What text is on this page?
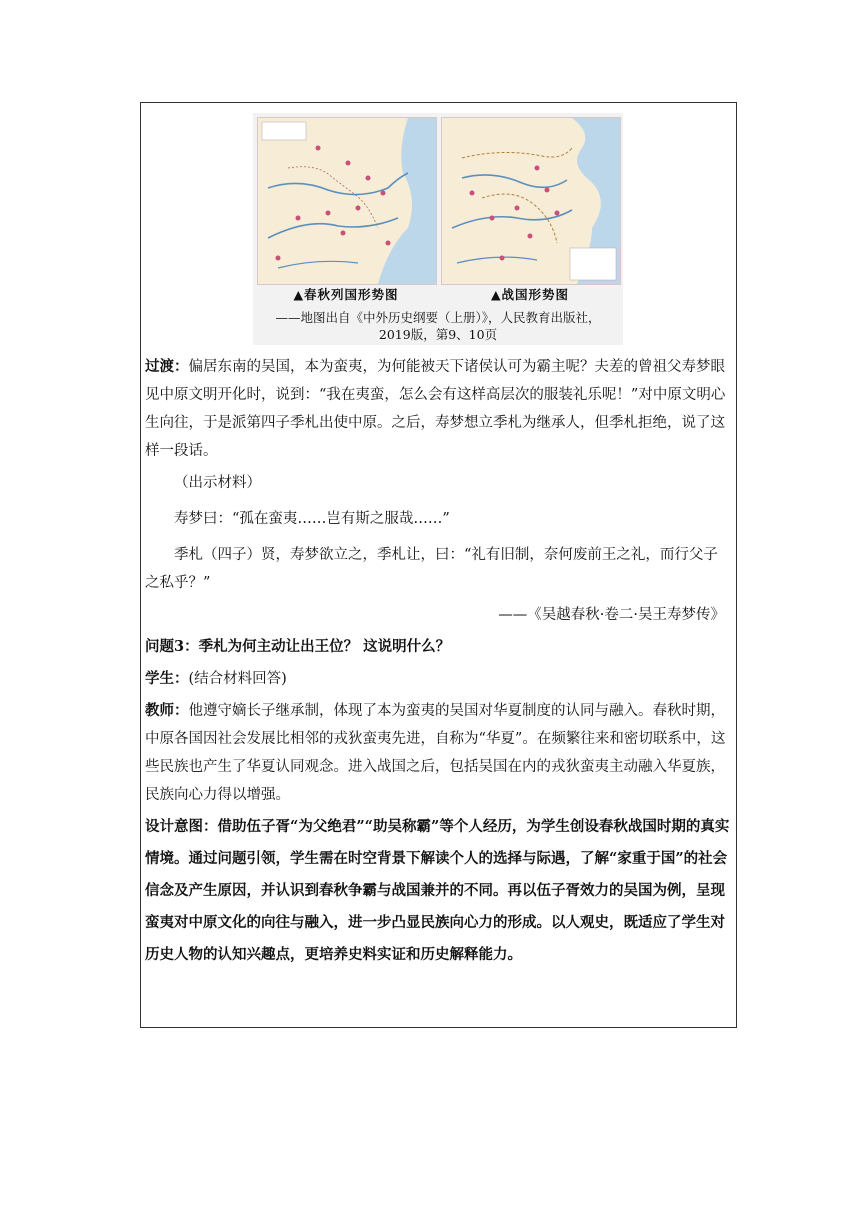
▲春秋列国形势图	▲战国形势图
——地图出自《中外历史纲要（上册）》，人民教育出版社，
2019版，第9、10页

过渡：偏居东南的吴国，本为蛮夷，为何能被天下诸侯认可为霸主呢？夫差的曾祖父寿梦眼见中原文明开化时，说到：“我在夷蛮，怎么会有这样高层次的服装礼乐呢！”对中原文明心生向往，于是派第四子季札出使中原。之后，寿梦想立季札为继承人，但季札拒绝，说了这样一段话。

（出示材料）

寿梦曰：“孤在蛮夷……岂有斯之服哉……”

季札（四子）贤，寿梦欲立之，季札让，曰：“礼有旧制，奈何废前王之礼，而行父子之私乎？”

——《吴越春秋·卷二·吴王寿梦传》

问题3：季札为何主动让出王位？ 这说明什么？

学生：(结合材料回答)

教师：他遵守嫡长子继承制，体现了本为蛮夷的吴国对华夏制度的认同与融入。春秋时期，中原各国因社会发展比相邻的戎狄蛮夷先进，自称为“华夏”。在频繁往来和密切联系中，这些民族也产生了华夏认同观念。进入战国之后，包括吴国在内的戎狄蛮夷主动融入华夏族，民族向心力得以增强。

设计意图：借助伍子胥“为父绝君”“助吴称霸”等个人经历，为学生创设春秋战国时期的真实情境。通过问题引领，学生需在时空背景下解读个人的选择与际遇，了解“家重于国”的社会信念及产生原因，并认识到春秋争霸与战国兼并的不同。再以伍子胥效力的吴国为例，呈现蛮夷对中原文化的向往与融入，进一步凸显民族向心力的形成。以人观史，既适应了学生对历史人物的认知兴趣点，更培养史料实证和历史解释能力。
